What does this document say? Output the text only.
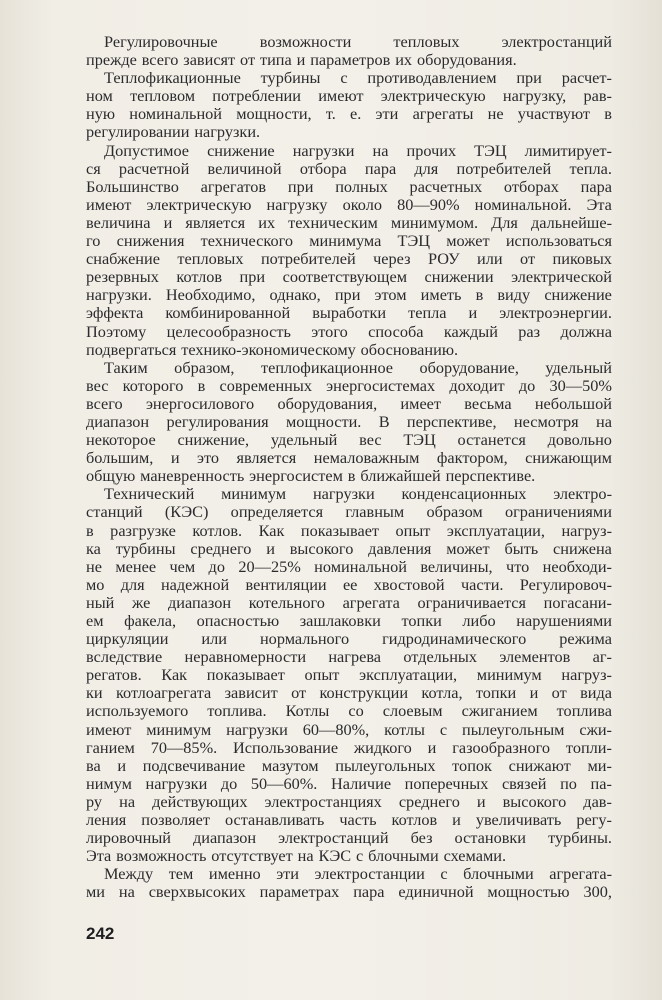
Регулировочные	возможности	тепловых	электростанций
прежде всего зависят от типа и параметров их оборудования.
Теплофикационные турбины с противодавлением при расчет-
ном тепловом потреблении имеют электрическую нагрузку, рав-
ную номинальной мощности, т. е. эти агрегаты не участвуют в
регулировании нагрузки.
Допустимое снижение нагрузки на прочих ТЭЦ лимитирует-
ся расчетной величиной отбора пара для потребителей тепла.
Большинство агрегатов при полных расчетных отборах пара
имеют электрическую нагрузку около 80—90% номинальной. Эта
величина и является их техническим минимумом. Для дальнейше-
го снижения технического минимума ТЭЦ может использоваться
снабжение тепловых потребителей через РОУ или от пиковых
резервных котлов при соответствующем снижении электрической
нагрузки. Необходимо, однако, при этом иметь в виду снижение
эффекта комбинированной выработки тепла и электроэнергии.
Поэтому целесообразность этого способа каждый раз должна
подвергаться технико-экономическому обоснованию.
Таким образом, теплофикационное оборудование, удельный
вес которого в современных энергосистемах доходит до 30—50%
всего энергосилового оборудования, имеет весьма небольшой
диапазон регулирования мощности. В перспективе, несмотря на
некоторое снижение, удельный вес ТЭЦ останется довольно
большим, и это является немаловажным фактором, снижающим
общую маневренность энергосистем в ближайшей перспективе.
Технический минимум нагрузки конденсационных электро-
станций (КЭС) определяется главным образом ограничениями
в разгрузке котлов. Как показывает опыт эксплуатации, нагруз-
ка турбины среднего и высокого давления может быть снижена
не менее чем до 20—25% номинальной величины, что необходи-
мо для надежной вентиляции ее хвостовой части. Регулировоч-
ный же диапазон котельного агрегата ограничивается погасани-
ем факела, опасностью зашлаковки топки либо нарушениями
циркуляции или нормального гидродинамического режима
вследствие неравномерности нагрева отдельных элементов аг-
регатов. Как показывает опыт эксплуатации, минимум нагруз-
ки котлоагрегата зависит от конструкции котла, топки и от вида
используемого топлива. Котлы со слоевым сжиганием топлива
имеют минимум нагрузки 60—80%, котлы с пылеугольным сжи-
ганием 70—85%. Использование жидкого и газообразного топли-
ва и подсвечивание мазутом пылеугольных топок снижают ми-
нимум нагрузки до 50—60%. Наличие поперечных связей по па-
ру на действующих электростанциях среднего и высокого дав-
ления позволяет останавливать часть котлов и увеличивать регу-
лировочный диапазон электростанций без остановки турбины.
Эта возможность отсутствует на КЭС с блочными схемами.
Между тем именно эти электростанции с блочными агрегата-
ми на сверхвысоких параметрах пара единичной мощностью 300,
242
